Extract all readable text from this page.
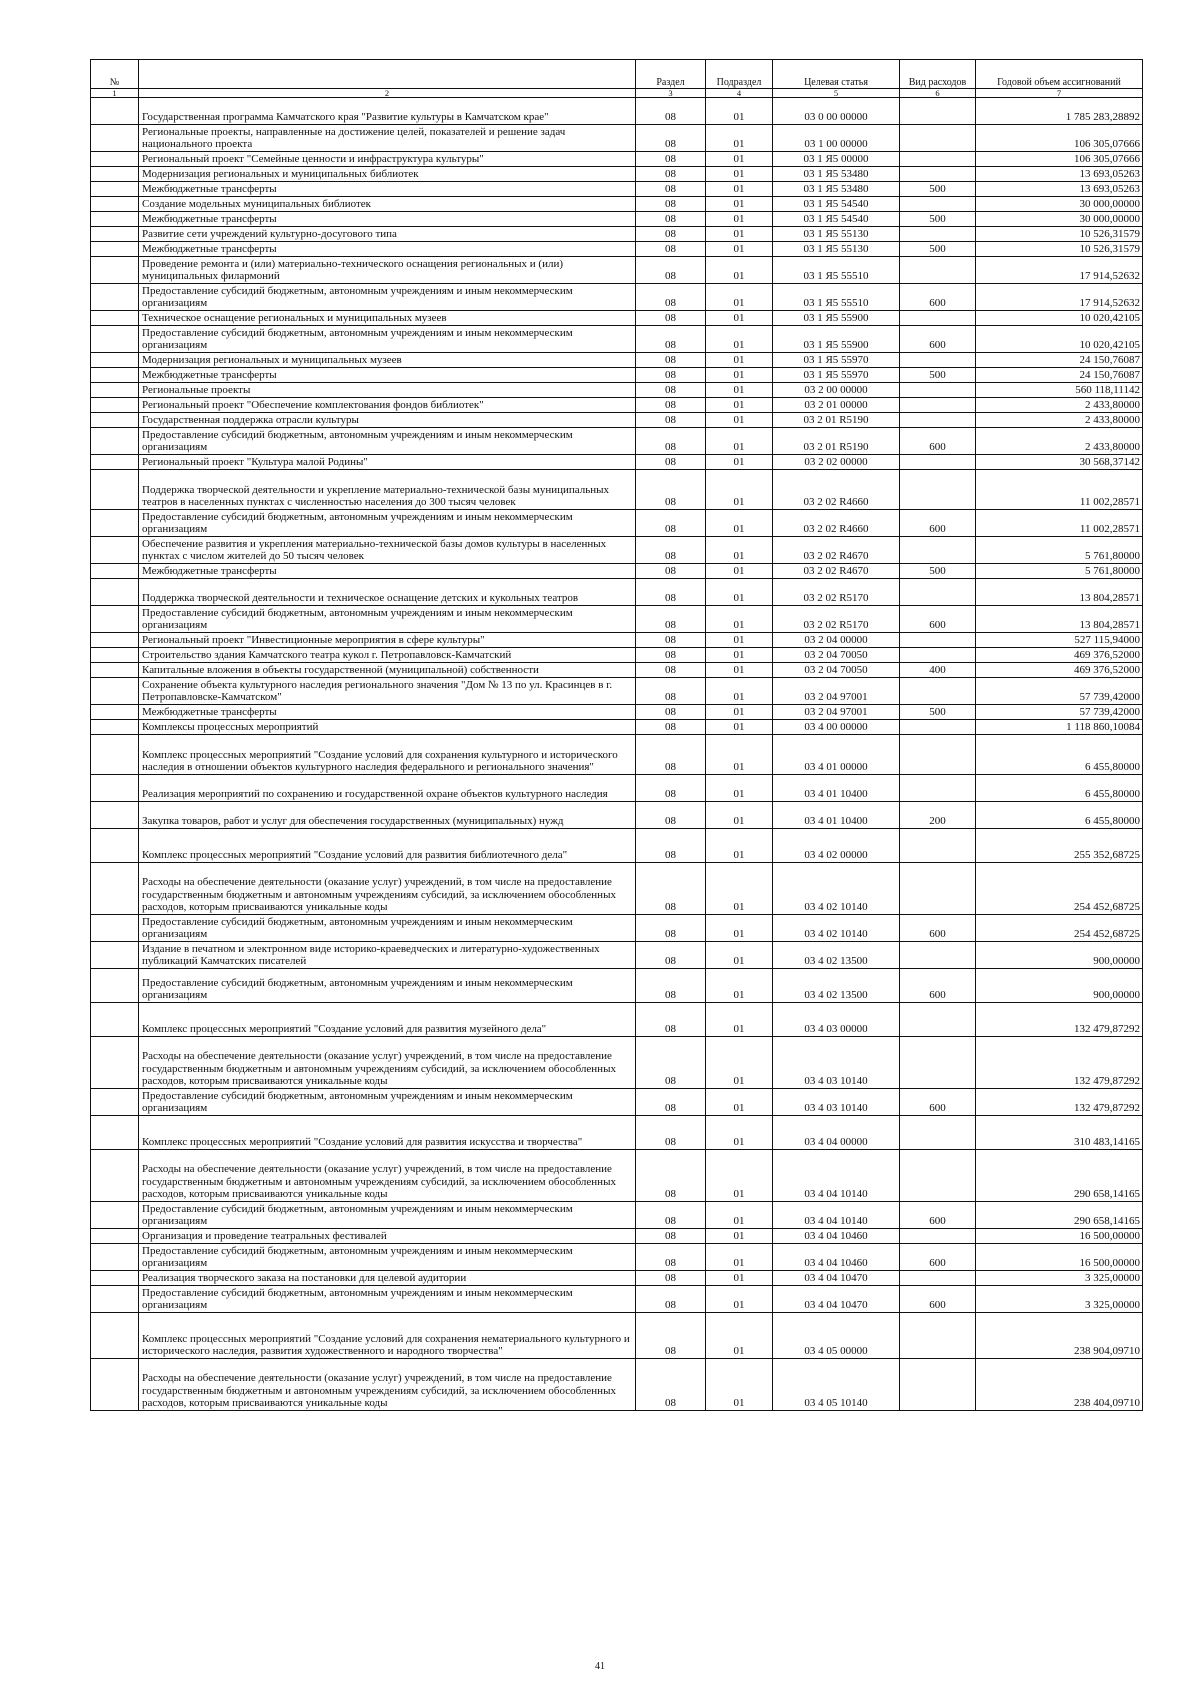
№		Раздел	Подраздел	Целевая статья	Вид расходов	Годовой объем ассигнований
1	2	3	4	5	6	7
	Государственная программа Камчатского края "Развитие культуры в Камчатском крае"	08	01	03 0 00 00000		1 785 283,28892
	Региональные проекты, направленные на достижение целей, показателей и решение задач национального проекта	08	01	03 1 00 00000		106 305,07666
	Региональный проект "Семейные ценности и инфраструктура культуры"	08	01	03 1 Я5 00000		106 305,07666
	Модернизация региональных и муниципальных библиотек	08	01	03 1 Я5 53480		13 693,05263
	Межбюджетные трансферты	08	01	03 1 Я5 53480	500	13 693,05263
	Создание модельных муниципальных библиотек	08	01	03 1 Я5 54540		30 000,00000
	Межбюджетные трансферты	08	01	03 1 Я5 54540	500	30 000,00000
	Развитие сети учреждений культурно-досугового типа	08	01	03 1 Я5 55130		10 526,31579
	Межбюджетные трансферты	08	01	03 1 Я5 55130	500	10 526,31579
	Проведение ремонта и (или) материально-технического оснащения региональных и (или) муниципальных филармоний	08	01	03 1 Я5 55510		17 914,52632
	Предоставление субсидий бюджетным, автономным учреждениям и иным некоммерческим организациям	08	01	03 1 Я5 55510	600	17 914,52632
	Техническое оснащение региональных и муниципальных музеев	08	01	03 1 Я5 55900		10 020,42105
	Предоставление субсидий бюджетным, автономным учреждениям и иным некоммерческим организациям	08	01	03 1 Я5 55900	600	10 020,42105
	Модернизация региональных и муниципальных музеев	08	01	03 1 Я5 55970		24 150,76087
	Межбюджетные трансферты	08	01	03 1 Я5 55970	500	24 150,76087
	Региональные проекты	08	01	03 2 00 00000		560 118,11142
	Региональный проект "Обеспечение комплектования фондов библиотек"	08	01	03 2 01 00000		2 433,80000
	Государственная поддержка отрасли культуры	08	01	03 2 01 R5190		2 433,80000
	Предоставление субсидий бюджетным, автономным учреждениям и иным некоммерческим организациям	08	01	03 2 01 R5190	600	2 433,80000
	Региональный проект "Культура малой Родины"	08	01	03 2 02 00000		30 568,37142
	Поддержка творческой деятельности и укрепление материально-технической базы муниципальных театров в населенных пунктах с численностью населения до 300 тысяч человек	08	01	03 2 02 R4660		11 002,28571
	Предоставление субсидий бюджетным, автономным учреждениям и иным некоммерческим организациям	08	01	03 2 02 R4660	600	11 002,28571
	Обеспечение развития и укрепления материально-технической базы домов культуры в населенных пунктах с числом жителей до 50 тысяч человек	08	01	03 2 02 R4670		5 761,80000
	Межбюджетные трансферты	08	01	03 2 02 R4670	500	5 761,80000
	Поддержка творческой деятельности и техническое оснащение детских и кукольных театров	08	01	03 2 02 R5170		13 804,28571
	Предоставление субсидий бюджетным, автономным учреждениям и иным некоммерческим организациям	08	01	03 2 02 R5170	600	13 804,28571
	Региональный проект "Инвестиционные мероприятия в сфере культуры"	08	01	03 2 04 00000		527 115,94000
	Строительство здания Камчатского театра кукол г. Петропавловск-Камчатский	08	01	03 2 04 70050		469 376,52000
	Капитальные вложения в объекты государственной (муниципальной) собственности	08	01	03 2 04 70050	400	469 376,52000
	Сохранение объекта культурного наследия регионального значения "Дом № 13 по ул. Красинцев в г. Петропавловске-Камчатском"	08	01	03 2 04 97001		57 739,42000
	Межбюджетные трансферты	08	01	03 2 04 97001	500	57 739,42000
	Комплексы процессных мероприятий	08	01	03 4 00 00000		1 118 860,10084
	Комплекс процессных мероприятий "Создание условий для сохранения культурного и исторического наследия в отношении объектов культурного наследия федерального и регионального значения"	08	01	03 4 01 00000		6 455,80000
	Реализация мероприятий по сохранению и государственной охране объектов культурного наследия	08	01	03 4 01 10400		6 455,80000
	Закупка товаров, работ и услуг для обеспечения государственных (муниципальных) нужд	08	01	03 4 01 10400	200	6 455,80000
	Комплекс процессных мероприятий "Создание условий для развития библиотечного дела"	08	01	03 4 02 00000		255 352,68725
	Расходы на обеспечение деятельности (оказание услуг) учреждений, в том числе на предоставление государственным бюджетным и автономным учреждениям субсидий, за исключением обособленных расходов, которым присваиваются уникальные коды	08	01	03 4 02 10140		254 452,68725
	Предоставление субсидий бюджетным, автономным учреждениям и иным некоммерческим организациям	08	01	03 4 02 10140	600	254 452,68725
	Издание в печатном и электронном виде историко-краеведческих и литературно-художественных публикаций Камчатских писателей	08	01	03 4 02 13500		900,00000
	Предоставление субсидий бюджетным, автономным учреждениям и иным некоммерческим организациям	08	01	03 4 02 13500	600	900,00000
	Комплекс процессных мероприятий "Создание условий для развития музейного дела"	08	01	03 4 03 00000		132 479,87292
	Расходы на обеспечение деятельности (оказание услуг) учреждений, в том числе на предоставление государственным бюджетным и автономным учреждениям субсидий, за исключением обособленных расходов, которым присваиваются уникальные коды	08	01	03 4 03 10140		132 479,87292
	Предоставление субсидий бюджетным, автономным учреждениям и иным некоммерческим организациям	08	01	03 4 03 10140	600	132 479,87292
	Комплекс процессных мероприятий "Создание условий для развития искусства и творчества"	08	01	03 4 04 00000		310 483,14165
	Расходы на обеспечение деятельности (оказание услуг) учреждений, в том числе на предоставление государственным бюджетным и автономным учреждениям субсидий, за исключением обособленных расходов, которым присваиваются уникальные коды	08	01	03 4 04 10140		290 658,14165
	Предоставление субсидий бюджетным, автономным учреждениям и иным некоммерческим организациям	08	01	03 4 04 10140	600	290 658,14165
	Организация и проведение театральных фестивалей	08	01	03 4 04 10460		16 500,00000
	Предоставление субсидий бюджетным, автономным учреждениям и иным некоммерческим организациям	08	01	03 4 04 10460	600	16 500,00000
	Реализация творческого заказа на постановки для целевой аудитории	08	01	03 4 04 10470		3 325,00000
	Предоставление субсидий бюджетным, автономным учреждениям и иным некоммерческим организациям	08	01	03 4 04 10470	600	3 325,00000
	Комплекс процессных мероприятий "Создание условий для сохранения нематериального культурного и исторического наследия, развития художественного и народного творчества"	08	01	03 4 05 00000		238 904,09710
	Расходы на обеспечение деятельности (оказание услуг) учреждений, в том числе на предоставление государственным бюджетным и автономным учреждениям субсидий, за исключением обособленных расходов, которым присваиваются уникальные коды	08	01	03 4 05 10140		238 404,09710
41
